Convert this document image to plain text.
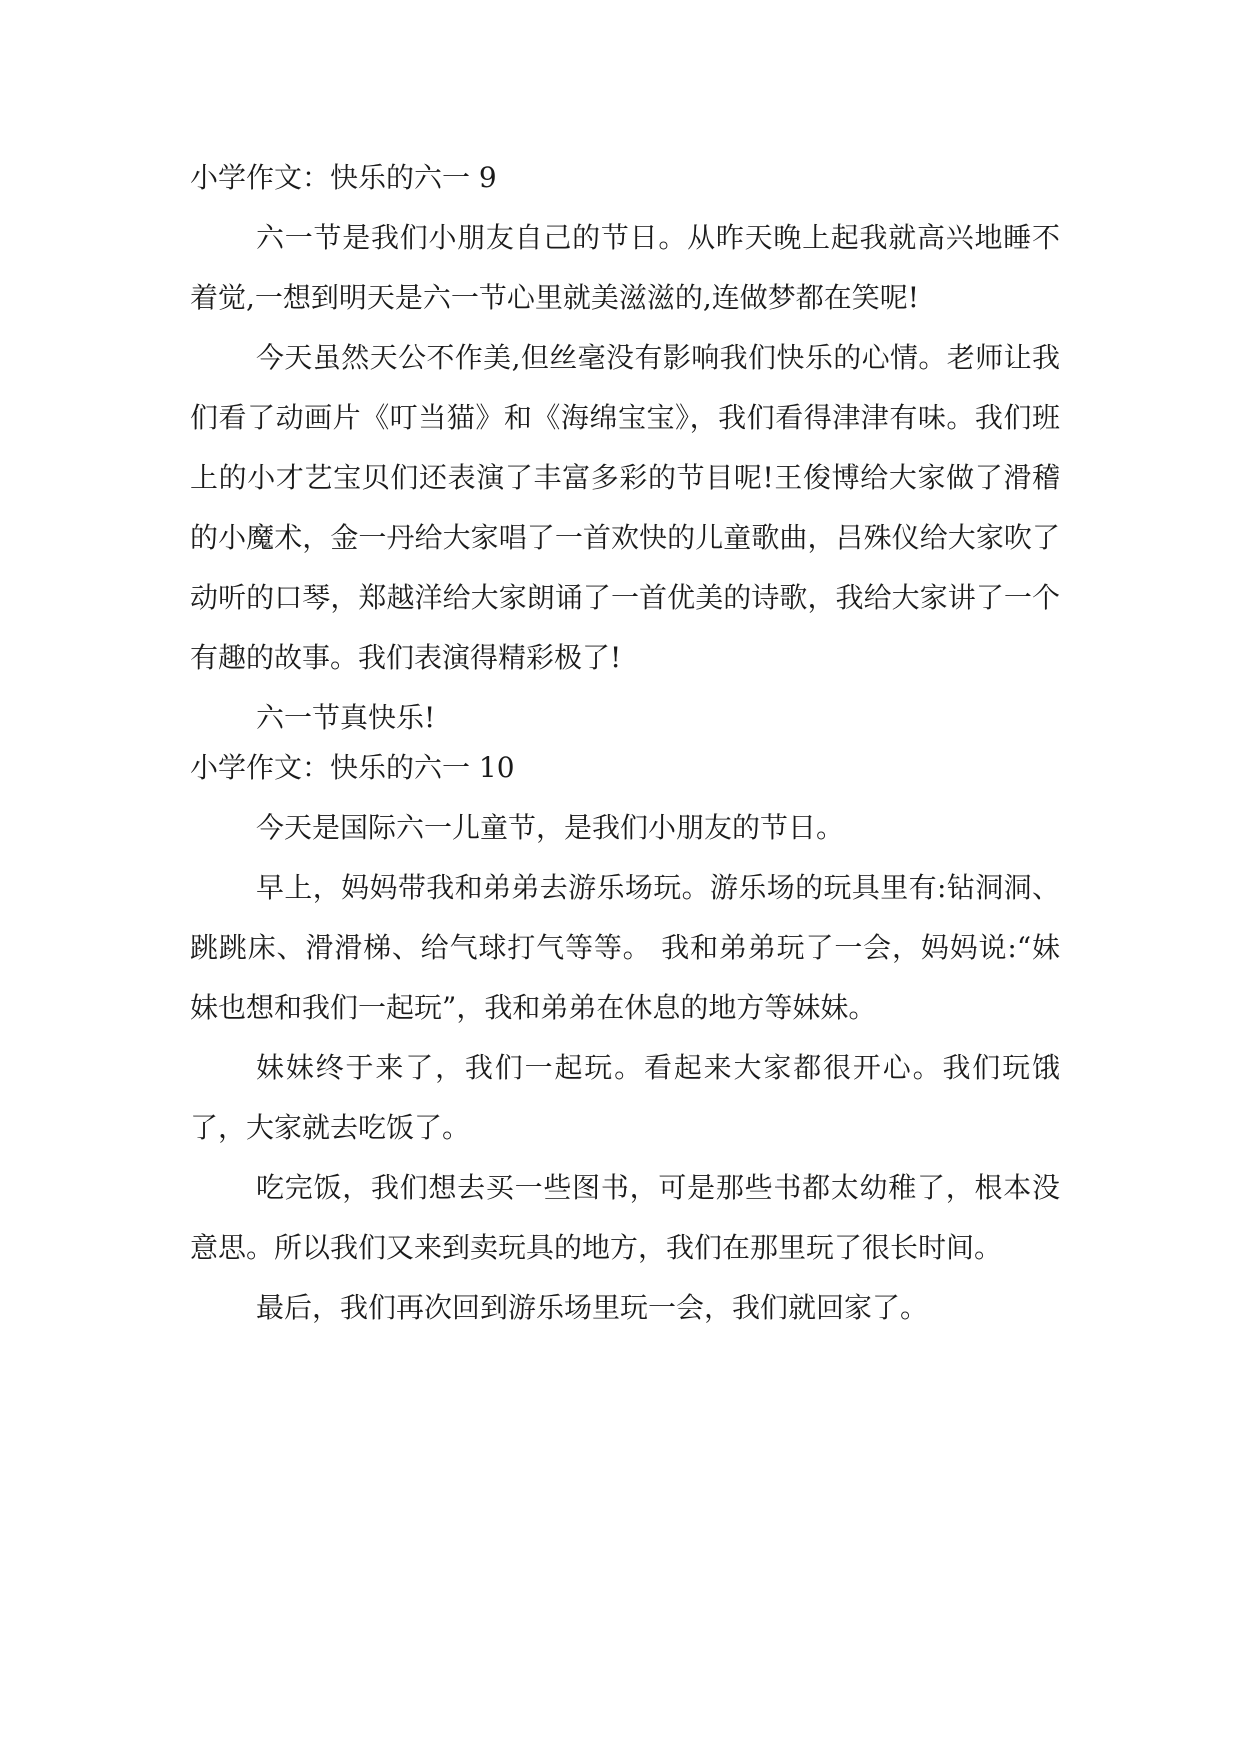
小学作文：快乐的六一 9

六一节是我们小朋友自己的节日。从昨天晚上起我就高兴地睡不着觉,一想到明天是六一节心里就美滋滋的,连做梦都在笑呢!

今天虽然天公不作美,但丝毫没有影响我们快乐的心情。老师让我们看了动画片《叮当猫》和《海绵宝宝》，我们看得津津有味。我们班上的小才艺宝贝们还表演了丰富多彩的节目呢!王俊博给大家做了滑稽的小魔术，金一丹给大家唱了一首欢快的儿童歌曲，吕殊仪给大家吹了动听的口琴，郑越洋给大家朗诵了一首优美的诗歌，我给大家讲了一个有趣的故事。我们表演得精彩极了!

六一节真快乐!

小学作文：快乐的六一 10

今天是国际六一儿童节，是我们小朋友的节日。

早上，妈妈带我和弟弟去游乐场玩。游乐场的玩具里有:钻洞洞、跳跳床、滑滑梯、给气球打气等等。 我和弟弟玩了一会，妈妈说:“妹妹也想和我们一起玩”，我和弟弟在休息的地方等妹妹。

妹妹终于来了，我们一起玩。看起来大家都很开心。我们玩饿了，大家就去吃饭了。

吃完饭，我们想去买一些图书，可是那些书都太幼稚了，根本没意思。所以我们又来到卖玩具的地方，我们在那里玩了很长时间。

最后，我们再次回到游乐场里玩一会，我们就回家了。
